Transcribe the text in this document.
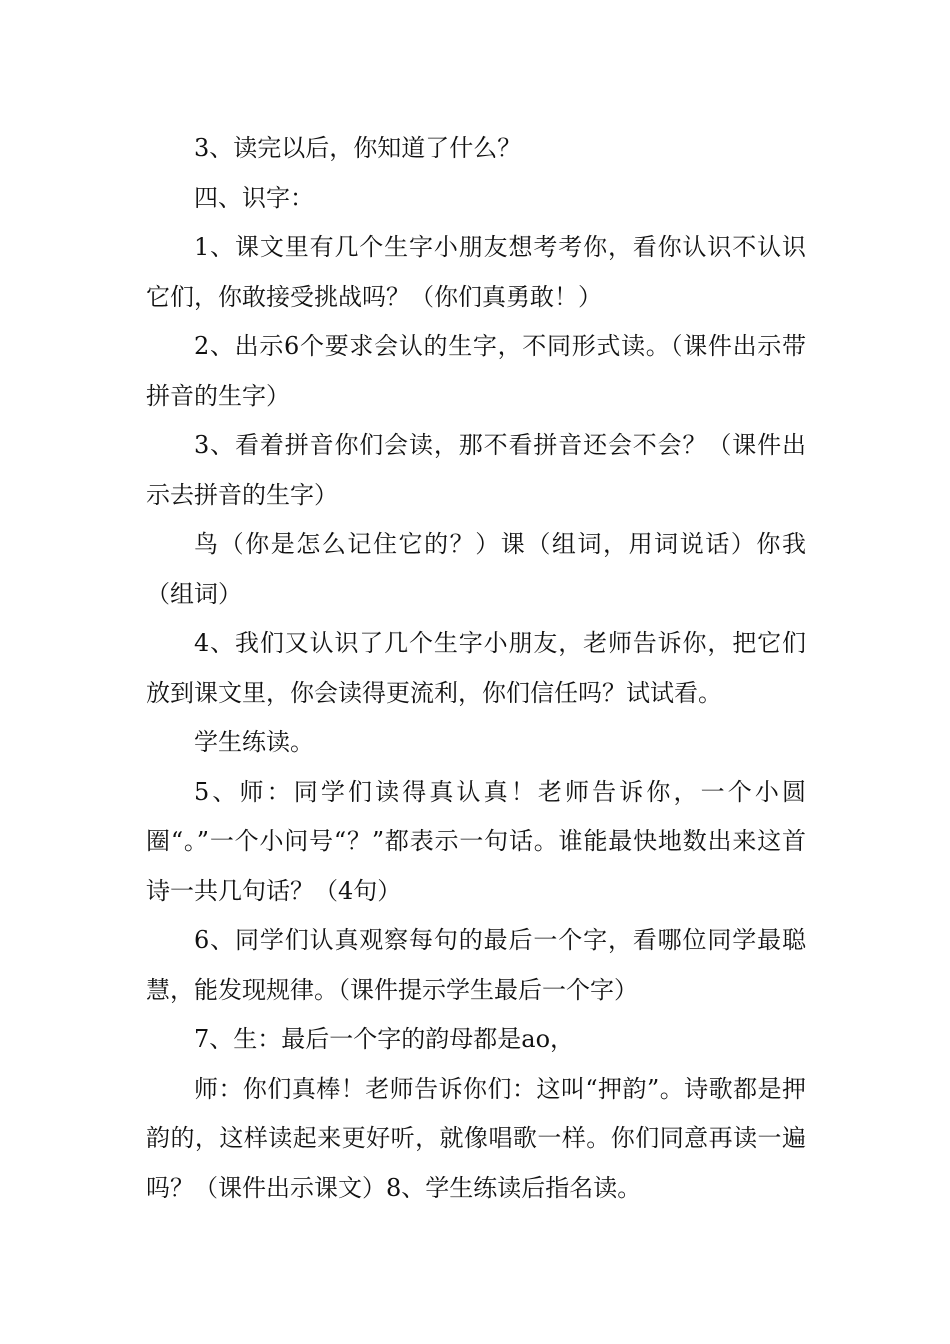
3、读完以后，你知道了什么？

四、识字：

1、课文里有几个生字小朋友想考考你，看你认识不认识它们，你敢接受挑战吗？（你们真勇敢！）

2、出示6个要求会认的生字，不同形式读。（课件出示带拼音的生字）

3、看着拼音你们会读，那不看拼音还会不会？（课件出示去拼音的生字）

鸟（你是怎么记住它的？）课（组词，用词说话）你我（组词）

4、我们又认识了几个生字小朋友，老师告诉你，把它们放到课文里，你会读得更流利，你们信任吗？试试看。

学生练读。

5、师：同学们读得真认真！老师告诉你，一个小圆圈“。”一个小问号“？”都表示一句话。谁能最快地数出来这首诗一共几句话？（4句）

6、同学们认真观察每句的最后一个字，看哪位同学最聪慧，能发现规律。（课件提示学生最后一个字）

7、生：最后一个字的韵母都是ao，

师：你们真棒！老师告诉你们：这叫“押韵”。诗歌都是押韵的，这样读起来更好听，就像唱歌一样。你们同意再读一遍吗？（课件出示课文）8、学生练读后指名读。
